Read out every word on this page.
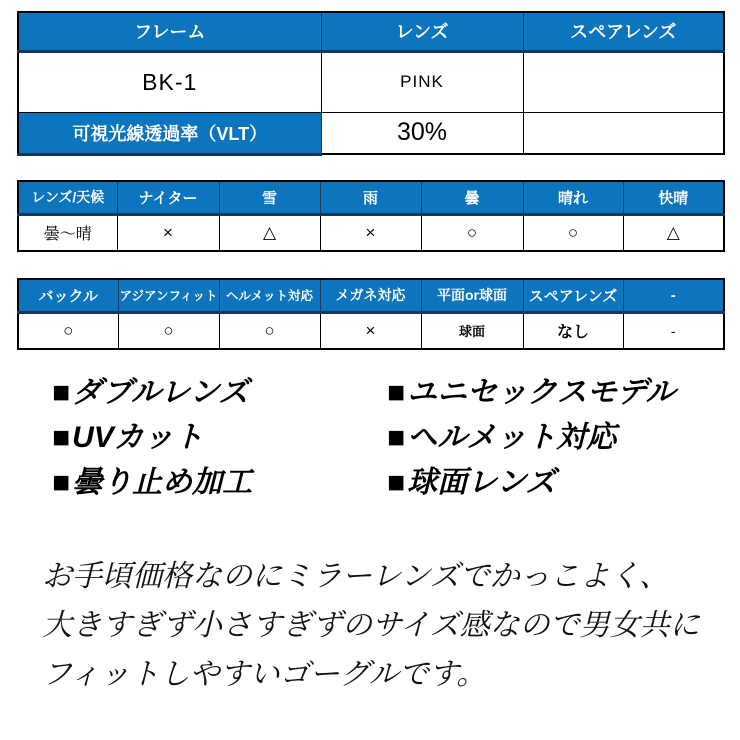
フレーム	レンズ	スペアレンズ
BK-1	PINK	
可視光線透過率（VLT）	30%	
レンズ/天候	ナイター	雪	雨	曇	晴れ	快晴
曇〜晴	×	△	×	○	○	△
バックル	アジアンフィット	ヘルメット対応	メガネ対応	平面or球面	スペアレンズ	-
○	○	○	×	球面	なし	-
■ダブルレンズ
■UVカット
■曇り止め加工
■ユニセックスモデル
■ヘルメット対応
■球面レンズ
お手頃価格なのにミラーレンズでかっこよく、
大きすぎず小さすぎずのサイズ感なので男女共に
フィットしやすいゴーグルです。
